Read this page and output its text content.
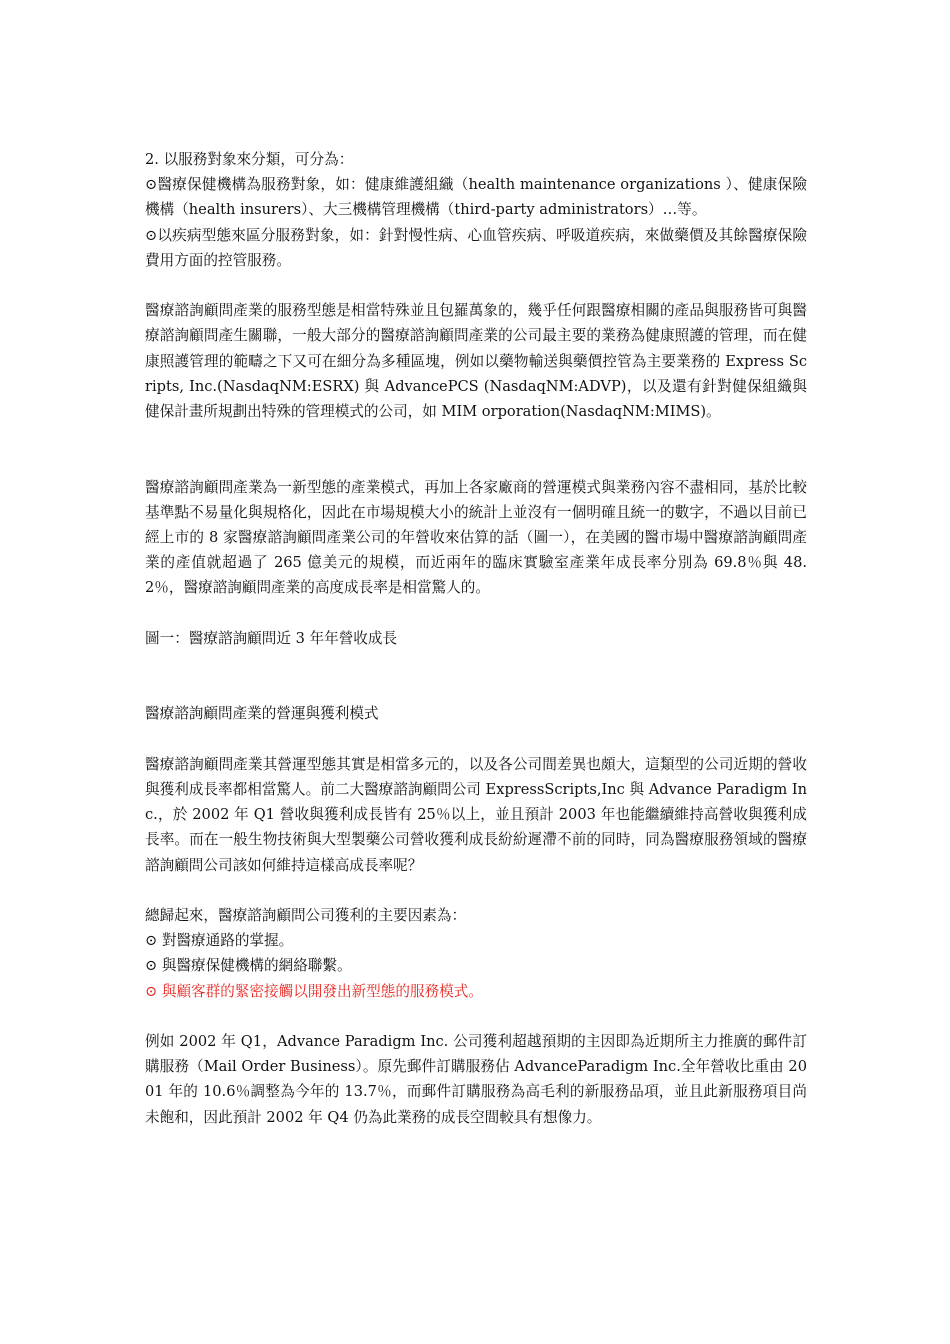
2. 以服務對象來分類，可分為：

⊙醫療保健機構為服務對象，如：健康維護組織（health maintenance organizations ）、健康保險機構（health insurers）、大三機構管理機構（third-party administrators）…等。

⊙以疾病型態來區分服務對象，如：針對慢性病、心血管疾病、呼吸道疾病，來做藥價及其餘醫療保險費用方面的控管服務。

醫療諮詢顧問產業的服務型態是相當特殊並且包羅萬象的，幾乎任何跟醫療相關的產品與服務皆可與醫療諮詢顧問產生關聯，一般大部分的醫療諮詢顧問產業的公司最主要的業務為健康照護的管理，而在健康照護管理的範疇之下又可在細分為多種區塊，例如以藥物輸送與藥價控管為主要業務的 Express Scripts, Inc.(NasdaqNM:ESRX) 與 AdvancePCS (NasdaqNM:ADVP)，以及還有針對健保組織與健保計畫所規劃出特殊的管理模式的公司，如 MIM orporation(NasdaqNM:MIMS)。

醫療諮詢顧問產業為一新型態的產業模式，再加上各家廠商的營運模式與業務內容不盡相同，基於比較基準點不易量化與規格化，因此在市場規模大小的統計上並沒有一個明確且統一的數字，不過以目前已經上市的 8 家醫療諮詢顧問產業公司的年營收來估算的話（圖一），在美國的醫市場中醫療諮詢顧問產業的產值就超過了 265 億美元的規模，而近兩年的臨床實驗室產業年成長率分別為 69.8％與 48.2％，醫療諮詢顧問產業的高度成長率是相當驚人的。

圖一：醫療諮詢顧問近 3 年年營收成長

醫療諮詢顧問產業的營運與獲利模式

醫療諮詢顧問產業其營運型態其實是相當多元的，以及各公司間差異也頗大，這類型的公司近期的營收與獲利成長率都相當驚人。前二大醫療諮詢顧問公司 ExpressScripts,Inc 與 Advance Paradigm Inc.，於 2002 年 Q1 營收與獲利成長皆有 25％以上，並且預計 2003 年也能繼續維持高營收與獲利成長率。而在一般生物技術與大型製藥公司營收獲利成長紛紛遲滯不前的同時，同為醫療服務領域的醫療諮詢顧問公司該如何維持這樣高成長率呢？

總歸起來，醫療諮詢顧問公司獲利的主要因素為：

⊙ 對醫療通路的掌握。

⊙ 與醫療保健機構的網絡聯繫。

⊙ 與顧客群的緊密接觸以開發出新型態的服務模式。

例如 2002 年 Q1，Advance Paradigm Inc. 公司獲利超越預期的主因即為近期所主力推廣的郵件訂購服務（Mail Order Business）。原先郵件訂購服務佔 AdvanceParadigm Inc.全年營收比重由 2001 年的 10.6％調整為今年的 13.7％，而郵件訂購服務為高毛利的新服務品項，並且此新服務項目尚未飽和，因此預計 2002 年 Q4 仍為此業務的成長空間較具有想像力。
